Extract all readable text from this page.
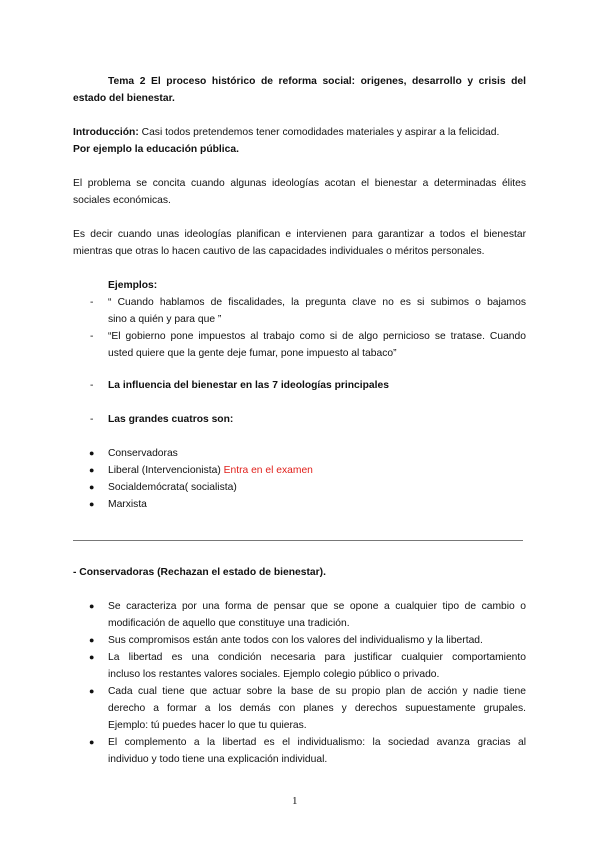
Tema 2 El proceso histórico de reforma social: origenes, desarrollo y crisis del
estado del bienestar.
Introducción: Casi todos pretendemos tener comodidades materiales y aspirar a la felicidad.
Por ejemplo la educación pública.
El problema se concita cuando algunas ideologías acotan el bienestar a determinadas élites
sociales económicas.
Es decir cuando unas ideologías planifican e intervienen para garantizar a todos el bienestar
mientras que otras lo hacen cautivo de las capacidades individuales o méritos personales.
Ejemplos:
- “ Cuando hablamos de fiscalidades, la pregunta clave no es si subimos o bajamos
sino a quién y para que ”
- “El gobierno pone impuestos al trabajo como si de algo pernicioso se tratase. Cuando
usted quiere que la gente deje fumar, pone impuesto al tabaco”
- La influencia del bienestar en las 7 ideologías principales
- Las grandes cuatros son:
● Conservadoras
● Liberal (Intervencionista) Entra en el examen
● Socialdemócrata( socialista)
● Marxista
- Conservadoras (Rechazan el estado de bienestar).
● Se caracteriza por una forma de pensar que se opone a cualquier tipo de cambio o
modificación de aquello que constituye una tradición.
● Sus compromisos están ante todos con los valores del individualismo y la libertad.
● La libertad es una condición necesaria para justificar cualquier comportamiento
incluso los restantes valores sociales. Ejemplo colegio público o privado.
● Cada cual tiene que actuar sobre la base de su propio plan de acción y nadie tiene
derecho a formar a los demás con planes y derechos supuestamente grupales.
Ejemplo: tú puedes hacer lo que tu quieras.
● El complemento a la libertad es el individualismo: la sociedad avanza gracias al
individuo y todo tiene una explicación individual.
1
